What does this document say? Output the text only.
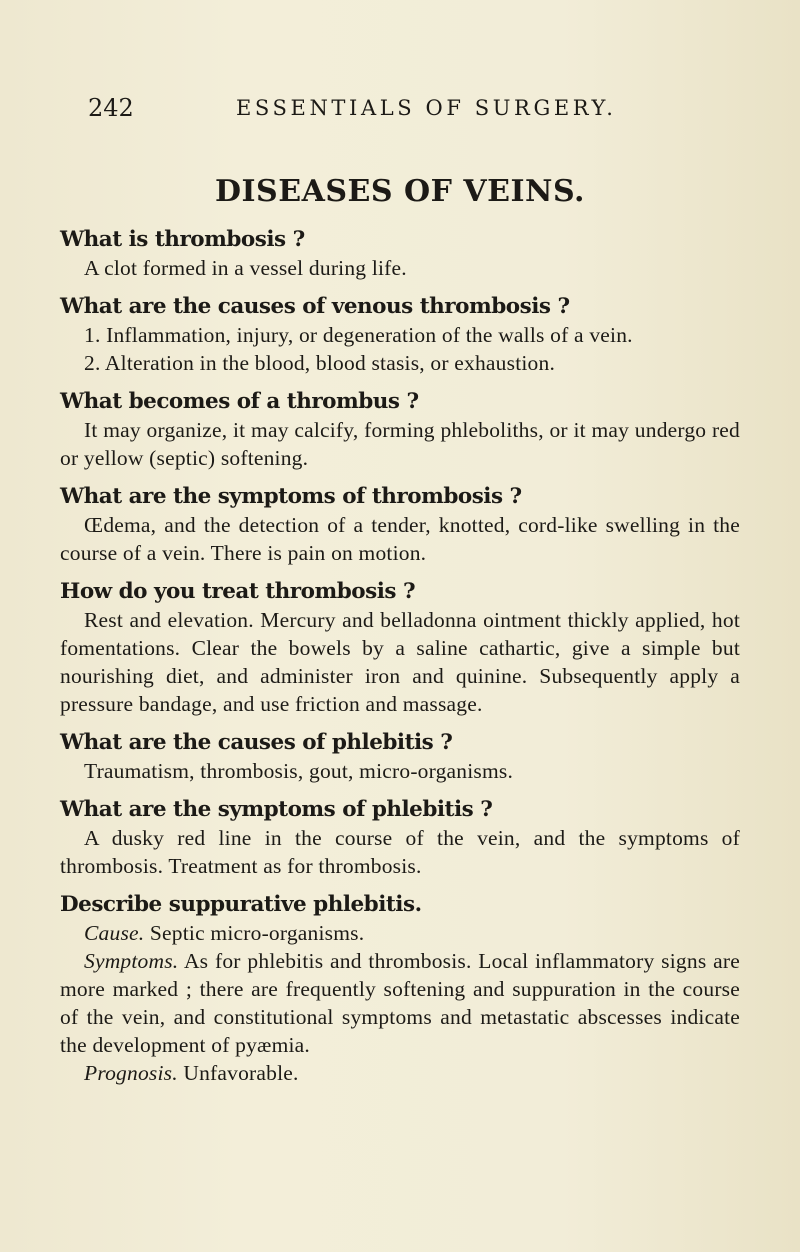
242	ESSENTIALS OF SURGERY.
DISEASES OF VEINS.

What is thrombosis ?

A clot formed in a vessel during life.

What are the causes of venous thrombosis ?

1. Inflammation, injury, or degeneration of the walls of a vein.

2. Alteration in the blood, blood stasis, or exhaustion.

What becomes of a thrombus ?

It may organize, it may calcify, forming phleboliths, or it may undergo red or yellow (septic) softening.

What are the symptoms of thrombosis ?

Œdema, and the detection of a tender, knotted, cord-like swelling in the course of a vein. There is pain on motion.

How do you treat thrombosis ?

Rest and elevation. Mercury and belladonna ointment thickly applied, hot fomentations. Clear the bowels by a saline cathartic, give a simple but nourishing diet, and administer iron and quinine. Subsequently apply a pressure bandage, and use friction and massage.

What are the causes of phlebitis ?

Traumatism, thrombosis, gout, micro-organisms.

What are the symptoms of phlebitis ?

A dusky red line in the course of the vein, and the symptoms of thrombosis. Treatment as for thrombosis.

Describe suppurative phlebitis.

Cause. Septic micro-organisms.

Symptoms. As for phlebitis and thrombosis. Local inflammatory signs are more marked ; there are frequently softening and suppuration in the course of the vein, and constitutional symptoms and metastatic abscesses indicate the development of pyæmia.

Prognosis. Unfavorable.
